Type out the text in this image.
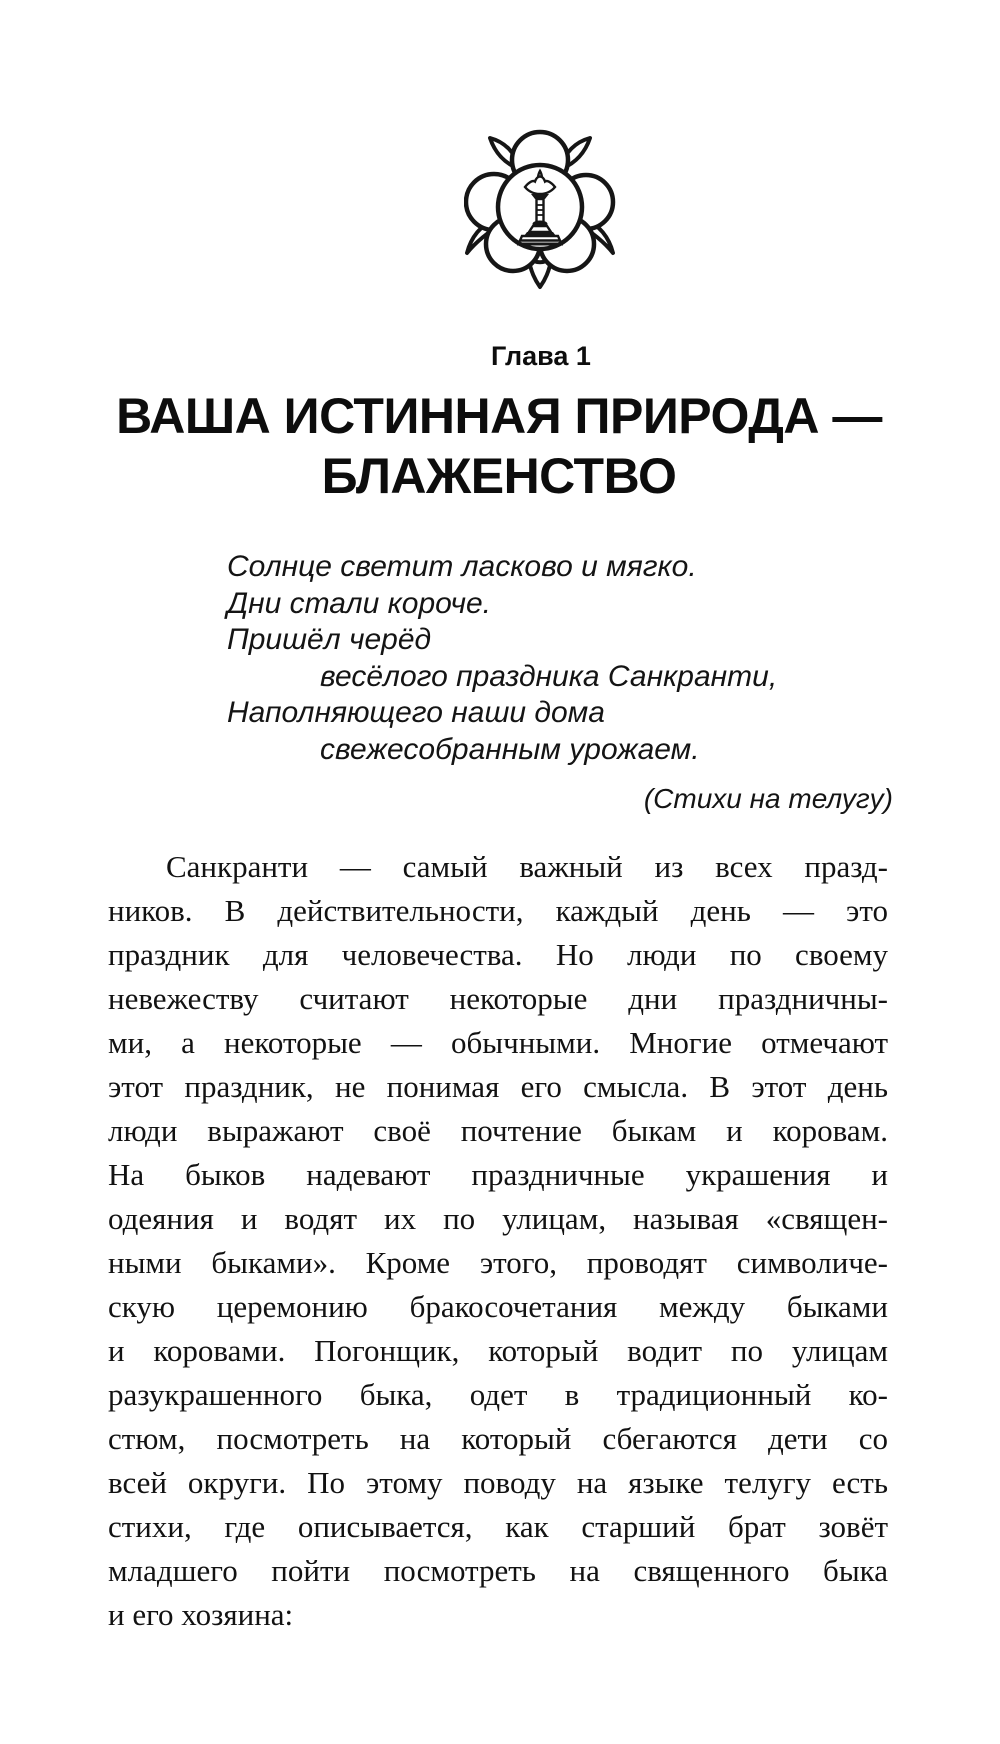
Глава 1
ВАША ИСТИННАЯ ПРИРОДА —
БЛАЖЕНСТВО
Солнце светит ласково и мягко.
Дни стали короче.
Пришёл черёд
весёлого праздника Санкранти,
Наполняющего наши дома
свежесобранным урожаем.
(Стихи на телугу)
Санкранти — самый важный из всех празд-
ников. В действительности, каждый день — это
праздник для человечества. Но люди по своему
невежеству считают некоторые дни праздничны-
ми, а некоторые — обычными. Многие отмечают
этот праздник, не понимая его смысла. В этот день
люди выражают своё почтение быкам и коровам.
На быков надевают праздничные украшения и
одеяния и водят их по улицам, называя «священ-
ными быками». Кроме этого, проводят символиче-
скую церемонию бракосочетания между быками
и коровами. Погонщик, который водит по улицам
разукрашенного быка, одет в традиционный ко-
стюм, посмотреть на который сбегаются дети со
всей округи. По этому поводу на языке телугу есть
стихи, где описывается, как старший брат зовёт
младшего пойти посмотреть на священного быка
и его хозяина:
